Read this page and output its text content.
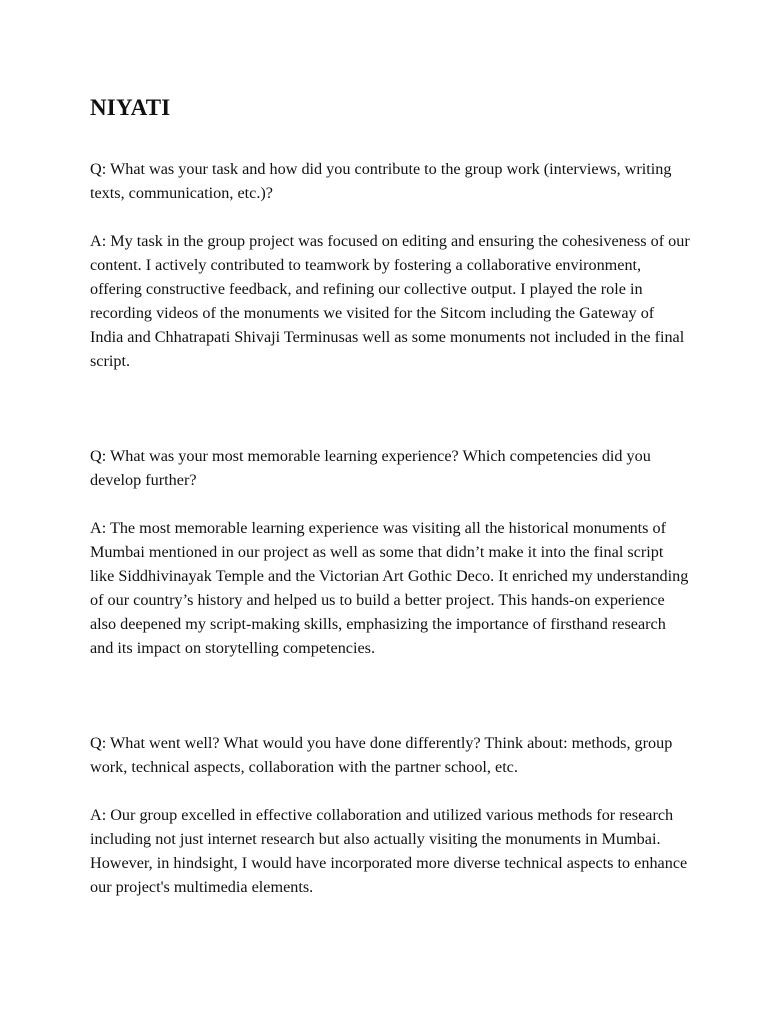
NIYATI

Q: What was your task and how did you contribute to the group work (interviews, writing texts, communication, etc.)?

A: My task in the group project was focused on editing and ensuring the cohesiveness of our content. I actively contributed to teamwork by fostering a collaborative environment, offering constructive feedback, and refining our collective output. I played the role in recording videos of the monuments we visited for the Sitcom including the Gateway of India and Chhatrapati Shivaji Terminusas well as some monuments not included in the final script.

Q: What was your most memorable learning experience? Which competencies did you develop further?

A: The most memorable learning experience was visiting all the historical monuments of Mumbai mentioned in our project as well as some that didn’t make it into the final script like Siddhivinayak Temple and the Victorian Art Gothic Deco. It enriched my understanding of our country’s history and helped us to build a better project. This hands-on experience also deepened my script-making skills, emphasizing the importance of firsthand research and its impact on storytelling competencies.

Q: What went well? What would you have done differently? Think about: methods, group work, technical aspects, collaboration with the partner school, etc.

A: Our group excelled in effective collaboration and utilized various methods for research including not just internet research but also actually visiting the monuments in Mumbai. However, in hindsight, I would have incorporated more diverse technical aspects to enhance our project's multimedia elements.
